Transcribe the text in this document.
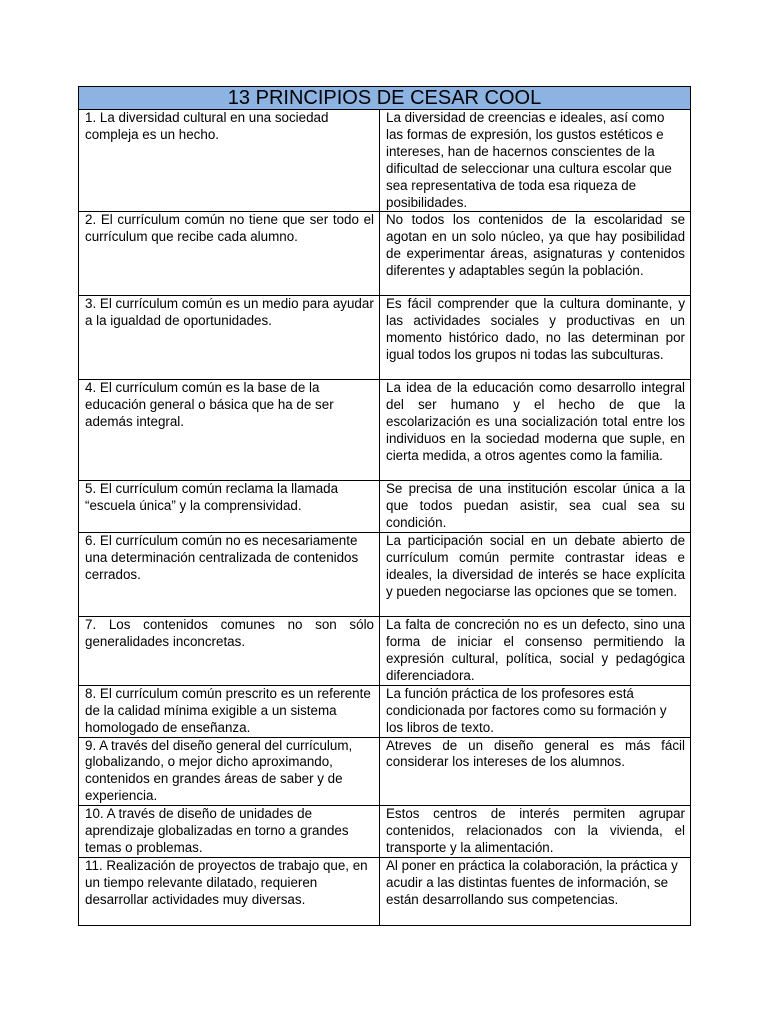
13 PRINCIPIOS DE CESAR COOL	
1. La diversidad cultural en una sociedad compleja es un hecho.	La diversidad de creencias e ideales, así como las formas de expresión, los gustos estéticos e intereses, han de hacernos conscientes de la dificultad de seleccionar una cultura escolar que sea representativa de toda esa riqueza de posibilidades.
2. El currículum común no tiene que ser todo el currículum que recibe cada alumno.	No todos los contenidos de la escolaridad se agotan en un solo núcleo, ya que hay posibilidad de experimentar áreas, asignaturas y contenidos diferentes y adaptables según la población.
3. El currículum común es un medio para ayudar a la igualdad de oportunidades.	Es fácil comprender que la cultura dominante, y las actividades sociales y productivas en un momento histórico dado, no las determinan por igual todos los grupos ni todas las subculturas.
4. El currículum común es la base de la educación general o básica que ha de ser además integral.	La idea de la educación como desarrollo integral del ser humano y el hecho de que la escolarización es una socialización total entre los individuos en la sociedad moderna que suple, en cierta medida, a otros agentes como la familia.
5. El currículum común reclama la llamada “escuela única” y la comprensividad.	Se precisa de una institución escolar única a la que todos puedan asistir, sea cual sea su condición.
6. El currículum común no es necesariamente una determinación centralizada de contenidos cerrados.	La participación social en un debate abierto de currículum común permite contrastar ideas e ideales, la diversidad de interés se hace explícita y pueden negociarse las opciones que se tomen.
7. Los contenidos comunes no son sólo generalidades inconcretas.	La falta de concreción no es un defecto, sino una forma de iniciar el consenso permitiendo la expresión cultural, política, social y pedagógica diferenciadora.
8. El currículum común prescrito es un referente de la calidad mínima exigible a un sistema homologado de enseñanza.	La función práctica de los profesores está condicionada por factores como su formación y los libros de texto.
9. A través del diseño general del currículum, globalizando, o mejor dicho aproximando, contenidos en grandes áreas de saber y de experiencia.	Atreves de un diseño general es más fácil considerar los intereses de los alumnos.
10. A través de diseño de unidades de aprendizaje globalizadas en torno a grandes temas o problemas.	Estos centros de interés permiten agrupar contenidos, relacionados con la vivienda, el transporte y la alimentación.
11. Realización de proyectos de trabajo que, en un tiempo relevante dilatado, requieren desarrollar actividades muy diversas.	Al poner en práctica la colaboración, la práctica y acudir a las distintas fuentes de información, se están desarrollando sus competencias.
